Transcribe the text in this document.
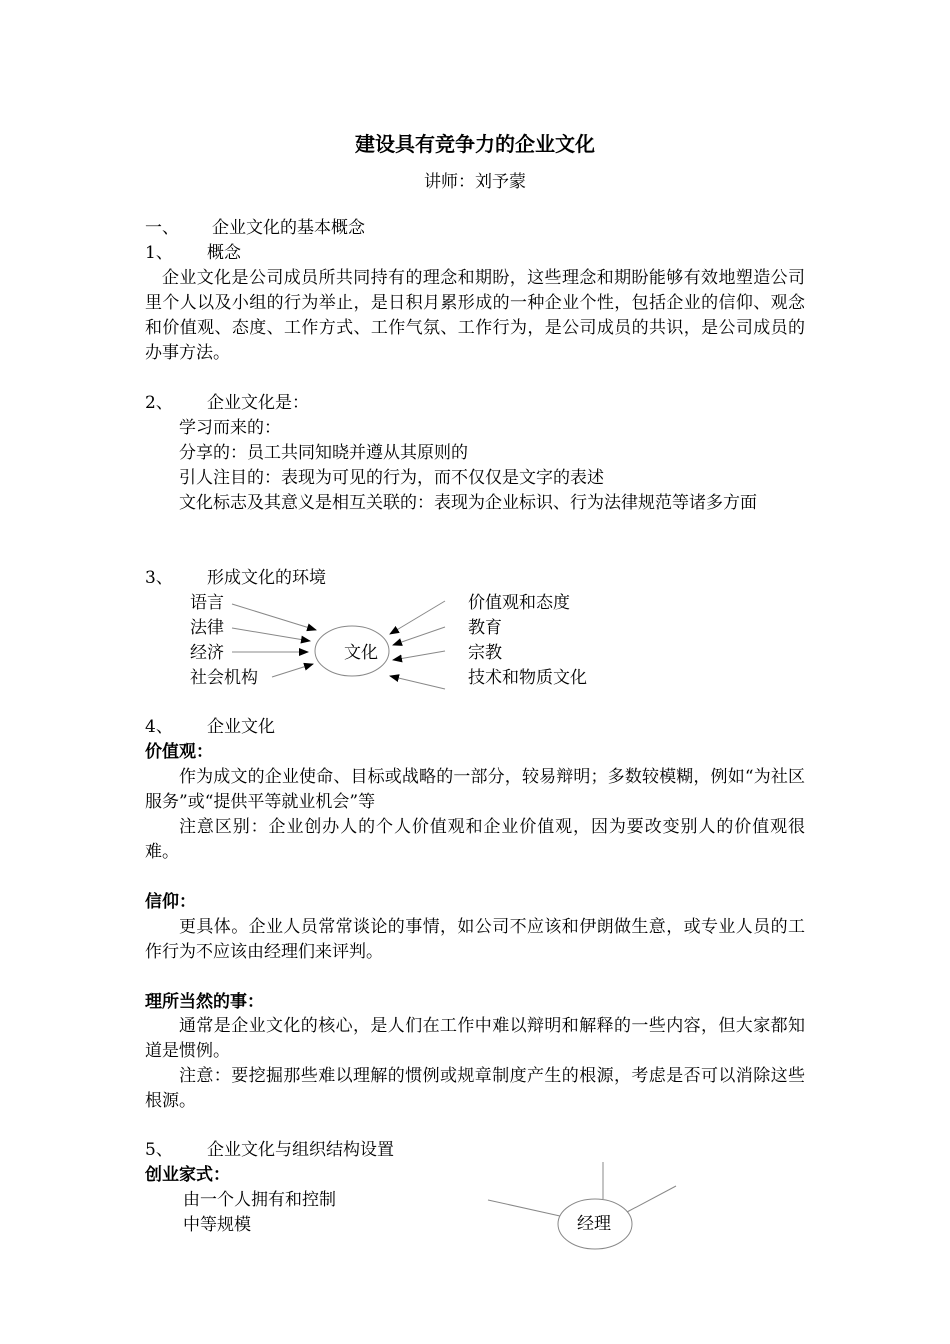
建设具有竞争力的企业文化
讲师：刘予蒙
一、 企业文化的基本概念
1、 概念
企业文化是公司成员所共同持有的理念和期盼，这些理念和期盼能够有效地塑造公司里个人以及小组的行为举止，是日积月累形成的一种企业个性，包括企业的信仰、观念和价值观、态度、工作方式、工作气氛、工作行为，是公司成员的共识，是公司成员的办事方法。
2、 企业文化是：
学习而来的：
分享的：员工共同知晓并遵从其原则的
引人注目的：表现为可见的行为，而不仅仅是文字的表述
文化标志及其意义是相互关联的：表现为企业标识、行为法律规范等诸多方面
3、 形成文化的环境
语言
法律
经济
社会机构
文化
价值观和态度
教育
宗教
技术和物质文化
4、 企业文化
价值观：
作为成文的企业使命、目标或战略的一部分，较易辩明；多数较模糊，例如“为社区服务”或“提供平等就业机会”等
注意区别：企业创办人的个人价值观和企业价值观，因为要改变别人的价值观很难。
信仰：
更具体。企业人员常常谈论的事情，如公司不应该和伊朗做生意，或专业人员的工作行为不应该由经理们来评判。
理所当然的事：
通常是企业文化的核心，是人们在工作中难以辩明和解释的一些内容，但大家都知道是惯例。
注意：要挖掘那些难以理解的惯例或规章制度产生的根源，考虑是否可以消除这些根源。
5、 企业文化与组织结构设置
创业家式：
由一个人拥有和控制
中等规模	经理
